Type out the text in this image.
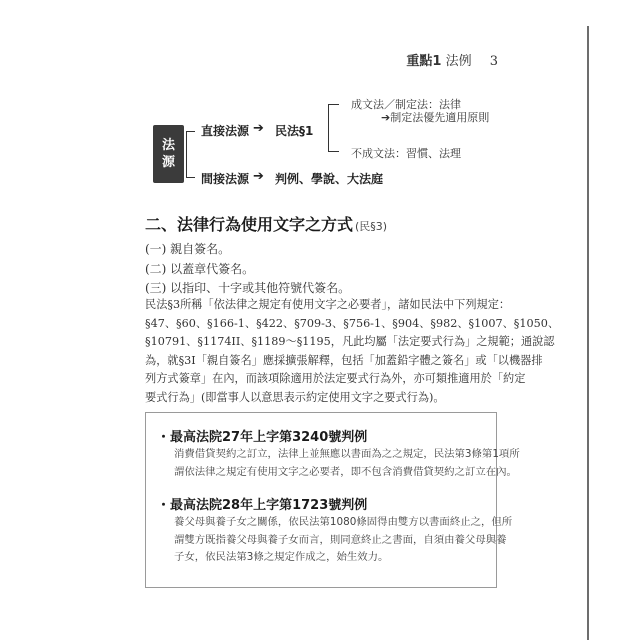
重點1 法例 3
法
源
直接法源 ➔ 民法§1
成文法／制定法：法律
➔制定法優先適用原則
不成文法：習慣、法理
間接法源 ➔ 判例、學說、大法庭
二、法律行為使用文字之方式 (民§3)
(一) 親自簽名。
(二) 以蓋章代簽名。
(三) 以指印、十字或其他符號代簽名。
民法§3所稱「依法律之規定有使用文字之必要者」，諸如民法中下列規定：
§47、§60、§166-1、§422、§709-3、§756-1、§904、§982、§1007、§1050、
§10791、§1174II、§1189～§1195，凡此均屬「法定要式行為」之規範；通說認
為，就§3I「親自簽名」應採擴張解釋，包括「加蓋鉛字體之簽名」或「以機器排
列方式簽章」在內，而該項除適用於法定要式行為外，亦可類推適用於「約定
要式行為」(即當事人以意思表示約定使用文字之要式行為)。
・最高法院27年上字第3240號判例
消費借貸契約之訂立，法律上並無應以書面為之之規定，民法第3條第1項所
謂依法律之規定有使用文字之必要者，即不包含消費借貸契約之訂立在內。
・最高法院28年上字第1723號判例
養父母與養子女之關係，依民法第1080條固得由雙方以書面終止之，但所
謂雙方既指養父母與養子女而言，則同意終止之書面，自須由養父母與養
子女，依民法第3條之規定作成之，始生效力。
